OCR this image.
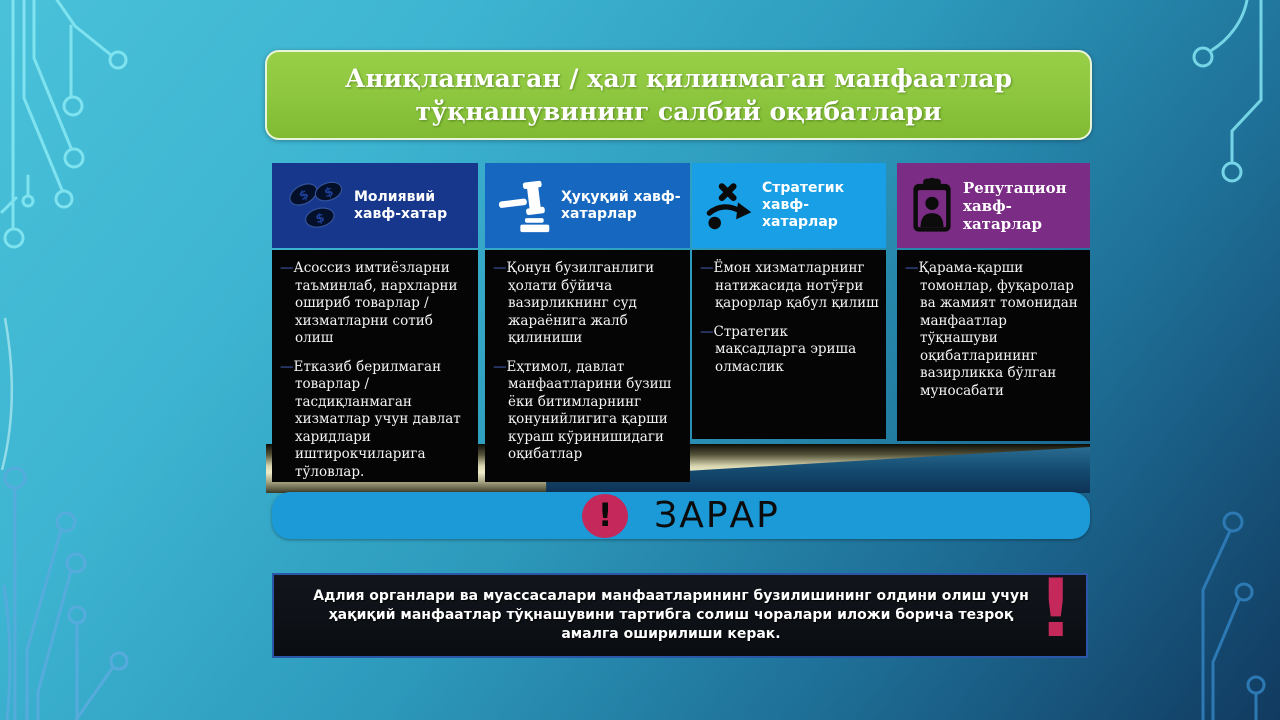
Аниқланмаган / ҳал қилинмаган манфаатлар
тўқнашувининг салбий оқибатлари
$ $
$
Молиявий хавф-хатар
— Асоссиз имтиёзларни таъминлаб, нархларни ошириб товарлар / хизматларни сотиб олиш
— Етказиб берилмаган товарлар / тасдиқланмаган хизматлар учун давлат харидлари иштирокчиларига тўловлар.
Ҳуқуқий хавф-хатарлар
— Қонун бузилганлиги ҳолати бўйича вазирликнинг суд жараёнига жалб қилиниши
— Еҳтимол, давлат манфаатларини бузиш ёки битимларнинг қонунийлигига қарши кураш кўринишидаги оқибатлар
Стратегик хавф-хатарлар
— Ёмон хизматларнинг натижасида нотўғри қарорлар қабул қилиш
— Стратегик мақсадларга эриша олмаслик
Репутацион хавф-хатарлар
— Қарама-қарши томонлар, фуқаролар ва жамият томонидан манфаатлар тўқнашуви оқибатларининг вазирликка бўлган муносабати
!	ЗАРАР
Адлия органлари ва муассасалари манфаатларининг бузилишининг олдини олиш учун ҳақиқий манфаатлар тўқнашувини тартибга солиш чоралари иложи борича тезроқ амалга оширилиши керак.	!
